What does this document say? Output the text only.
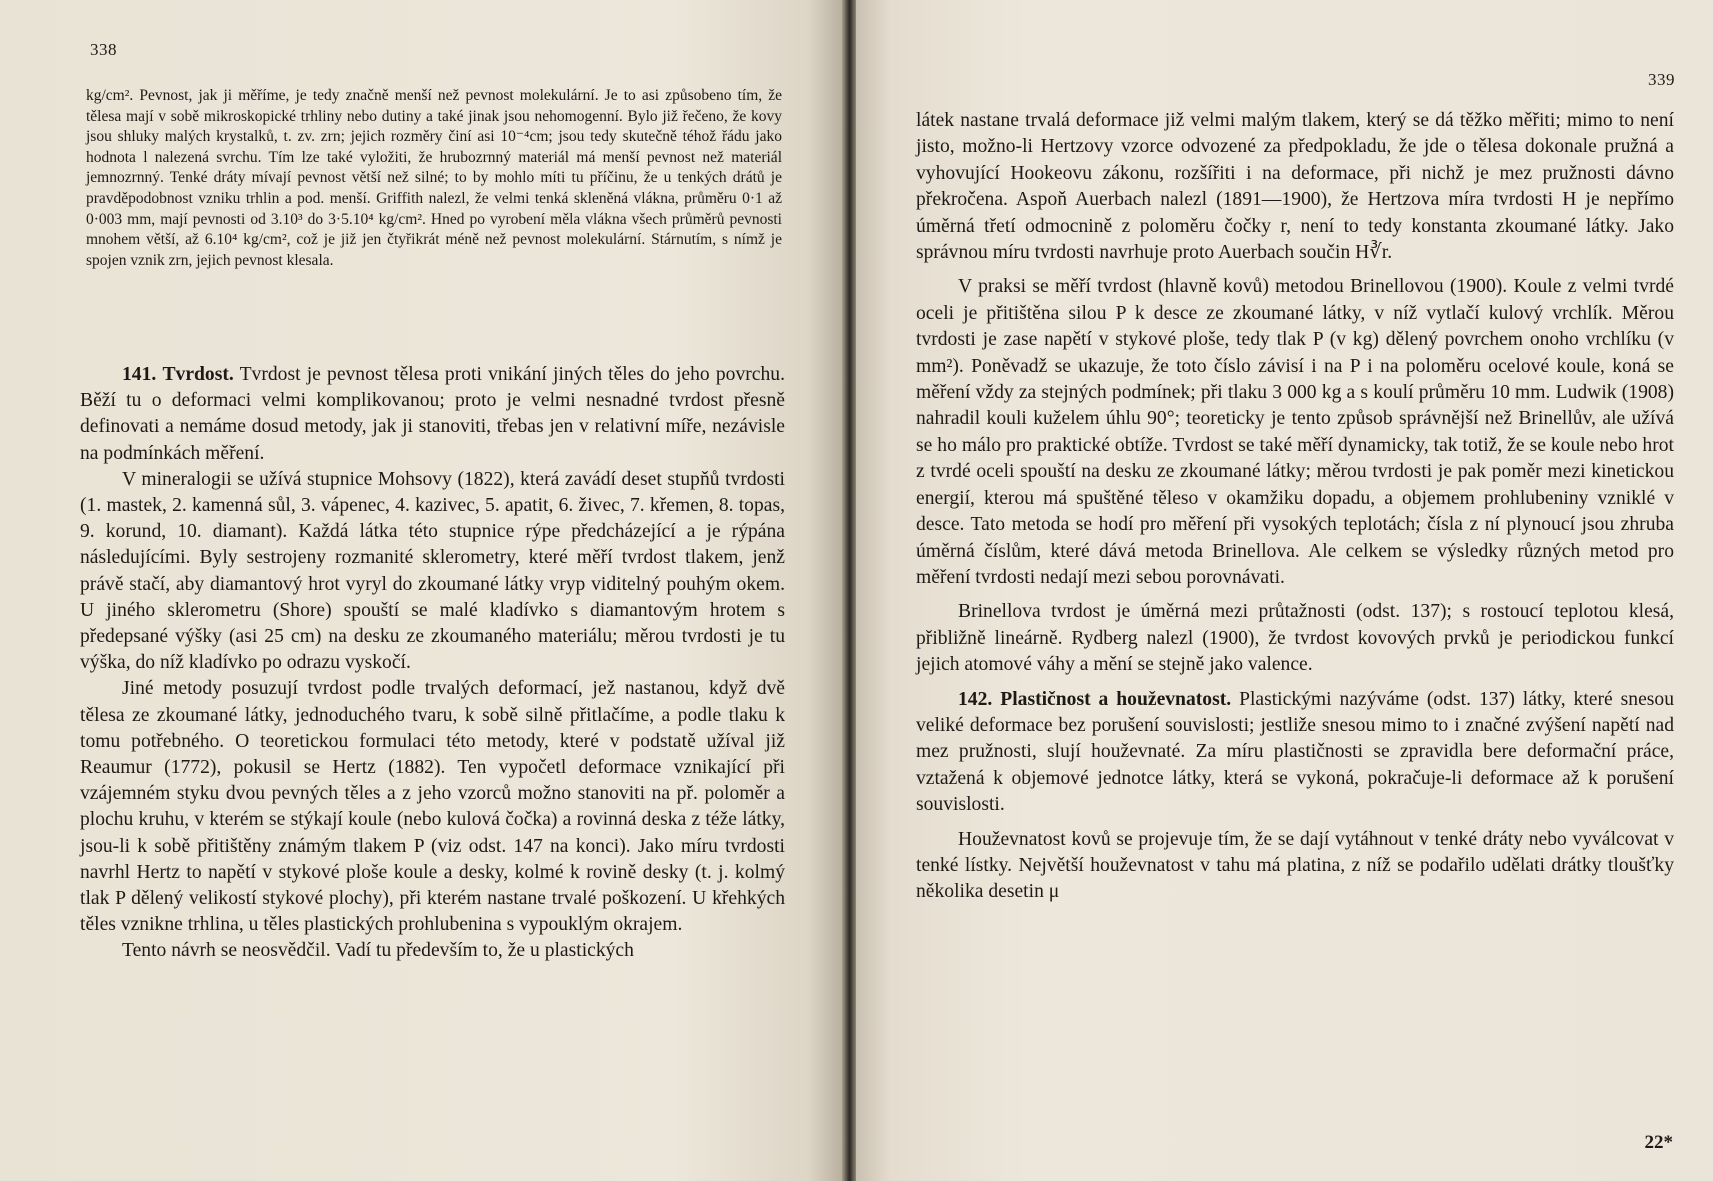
338

kg/cm². Pevnost, jak ji měříme, je tedy značně menší než pevnost molekulární. Je to asi způsobeno tím, že tělesa mají v sobě mikroskopické trhliny nebo dutiny a také jinak jsou nehomogenní. Bylo již řečeno, že kovy jsou shluky malých krystalků, t. zv. zrn; jejich rozměry činí asi 10⁻⁴cm; jsou tedy skutečně téhož řádu jako hodnota l nalezená svrchu. Tím lze také vyložiti, že hrubozrnný materiál má menší pevnost než materiál jemnozrnný. Tenké dráty mívají pevnost větší než silné; to by mohlo míti tu příčinu, že u tenkých drátů je pravděpodobnost vzniku trhlin a pod. menší. Griffith nalezl, že velmi tenká skleněná vlákna, průměru 0·1 až 0·003 mm, mají pevnosti od 3.10³ do 3·5.10⁴ kg/cm². Hned po vyrobení měla vlákna všech průměrů pevnosti mnohem větší, až 6.10⁴ kg/cm², což je již jen čtyřikrát méně než pevnost molekulární. Stárnutím, s nímž je spojen vznik zrn, jejich pevnost klesala.

141. Tvrdost. Tvrdost je pevnost tělesa proti vnikání jiných těles do jeho povrchu. Běží tu o deformaci velmi komplikovanou; proto je velmi nesnadné tvrdost přesně definovati a nemáme dosud metody, jak ji stanoviti, třebas jen v relativní míře, nezávisle na podmínkách měření.

V mineralogii se užívá stupnice Mohsovy (1822), která zavádí deset stupňů tvrdosti (1. mastek, 2. kamenná sůl, 3. vápenec, 4. kazivec, 5. apatit, 6. živec, 7. křemen, 8. topas, 9. korund, 10. diamant). Každá látka této stupnice rýpe předcházející a je rýpána následujícími. Byly sestrojeny rozmanité sklerometry, které měří tvrdost tlakem, jenž právě stačí, aby diamantový hrot vyryl do zkoumané látky vryp viditelný pouhým okem. U jiného sklerometru (Shore) spouští se malé kladívko s diamantovým hrotem s předepsané výšky (asi 25 cm) na desku ze zkoumaného materiálu; měrou tvrdosti je tu výška, do níž kladívko po odrazu vyskočí.

Jiné metody posuzují tvrdost podle trvalých deformací, jež nastanou, když dvě tělesa ze zkoumané látky, jednoduchého tvaru, k sobě silně přitlačíme, a podle tlaku k tomu potřebného. O teoretickou formulaci této metody, které v podstatě užíval již Reaumur (1772), pokusil se Hertz (1882). Ten vypočetl deformace vznikající při vzájemném styku dvou pevných těles a z jeho vzorců možno stanoviti na př. poloměr a plochu kruhu, v kterém se stýkají koule (nebo kulová čočka) a rovinná deska z téže látky, jsou-li k sobě přitištěny známým tlakem P (viz odst. 147 na konci). Jako míru tvrdosti navrhl Hertz to napětí v stykové ploše koule a desky, kolmé k rovině desky (t. j. kolmý tlak P dělený velikostí stykové plochy), při kterém nastane trvalé poškození. U křehkých těles vznikne trhlina, u těles plastických prohlubenina s vypouklým okrajem.

Tento návrh se neosvědčil. Vadí tu především to, že u plastických

339

látek nastane trvalá deformace již velmi malým tlakem, který se dá těžko měřiti; mimo to není jisto, možno-li Hertzovy vzorce odvozené za předpokladu, že jde o tělesa dokonale pružná a vyhovující Hookeovu zákonu, rozšířiti i na deformace, při nichž je mez pružnosti dávno překročena. Aspoň Auerbach nalezl (1891—1900), že Hertzova míra tvrdosti H je nepřímo úměrná třetí odmocnině z poloměru čočky r, není to tedy konstanta zkoumané látky. Jako správnou míru tvrdosti navrhuje proto Auerbach součin H∛r.

V praksi se měří tvrdost (hlavně kovů) metodou Brinellovou (1900). Koule z velmi tvrdé oceli je přitištěna silou P k desce ze zkoumané látky, v níž vytlačí kulový vrchlík. Měrou tvrdosti je zase napětí v stykové ploše, tedy tlak P (v kg) dělený povrchem onoho vrchlíku (v mm²). Poněvadž se ukazuje, že toto číslo závisí i na P i na poloměru ocelové koule, koná se měření vždy za stejných podmínek; při tlaku 3 000 kg a s koulí průměru 10 mm. Ludwik (1908) nahradil kouli kuželem úhlu 90°; teoreticky je tento způsob správnější než Brinellův, ale užívá se ho málo pro praktické obtíže. Tvrdost se také měří dynamicky, tak totiž, že se koule nebo hrot z tvrdé oceli spouští na desku ze zkoumané látky; měrou tvrdosti je pak poměr mezi kinetickou energií, kterou má spuštěné těleso v okamžiku dopadu, a objemem prohlubeniny vzniklé v desce. Tato metoda se hodí pro měření při vysokých teplotách; čísla z ní plynoucí jsou zhruba úměrná číslům, které dává metoda Brinellova. Ale celkem se výsledky různých metod pro měření tvrdosti nedají mezi sebou porovnávati.

Brinellova tvrdost je úměrná mezi průtažnosti (odst. 137); s rostoucí teplotou klesá, přibližně lineárně. Rydberg nalezl (1900), že tvrdost kovových prvků je periodickou funkcí jejich atomové váhy a mění se stejně jako valence.

142. Plastičnost a houževnatost. Plastickými nazýváme (odst. 137) látky, které snesou veliké deformace bez porušení souvislosti; jestliže snesou mimo to i značné zvýšení napětí nad mez pružnosti, slují houževnaté. Za míru plastičnosti se zpravidla bere deformační práce, vztažená k objemové jednotce látky, která se vykoná, pokračuje-li deformace až k porušení souvislosti.

Houževnatost kovů se projevuje tím, že se dají vytáhnout v tenké dráty nebo vyválcovat v tenké lístky. Největší houževnatost v tahu má platina, z níž se podařilo udělati drátky tloušťky několika desetin μ

22*
